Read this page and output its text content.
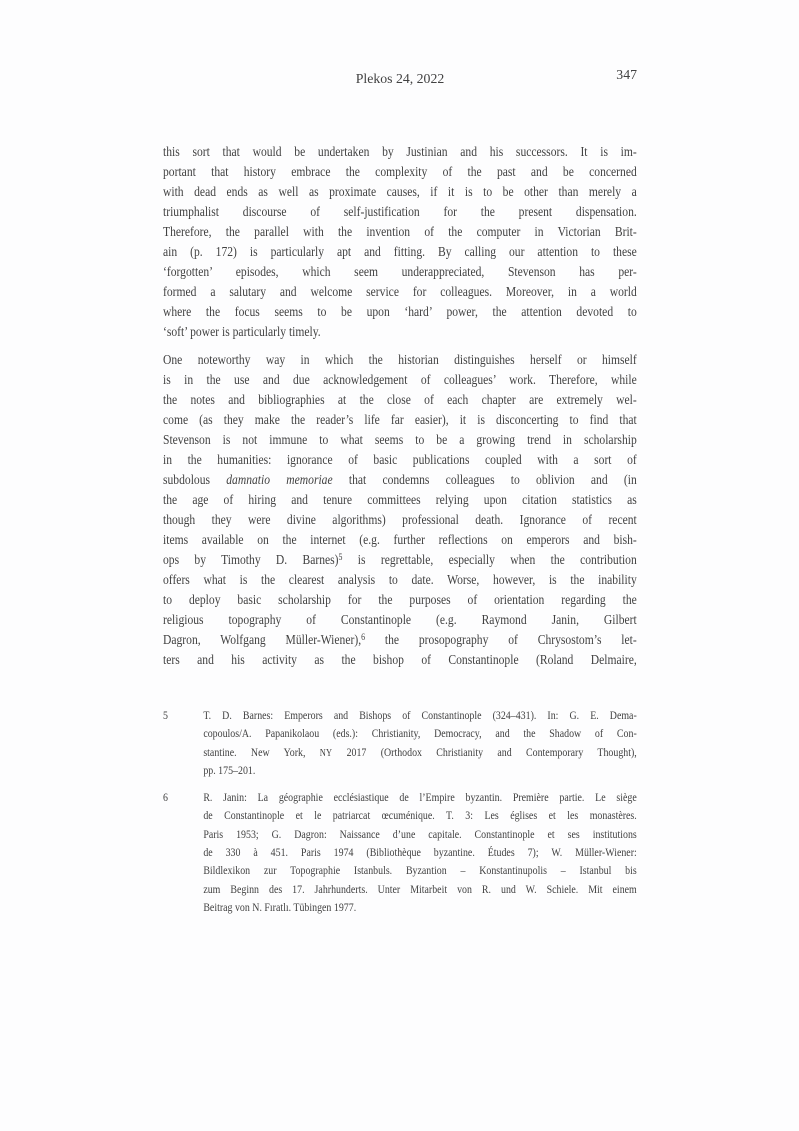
Plekos 24, 2022	347
this sort that would be undertaken by Justinian and his successors. It is im-
portant that history embrace the complexity of the past and be concerned
with dead ends as well as proximate causes, if it is to be other than merely a
triumphalist discourse of self-justification for the present dispensation.
Therefore, the parallel with the invention of the computer in Victorian Brit-
ain (p. 172) is particularly apt and fitting. By calling our attention to these
‘forgotten’ episodes, which seem underappreciated, Stevenson has per-
formed a salutary and welcome service for colleagues. Moreover, in a world
where the focus seems to be upon ‘hard’ power, the attention devoted to
‘soft’ power is particularly timely.
One noteworthy way in which the historian distinguishes herself or himself
is in the use and due acknowledgement of colleagues’ work. Therefore, while
the notes and bibliographies at the close of each chapter are extremely wel-
come (as they make the reader’s life far easier), it is disconcerting to find that
Stevenson is not immune to what seems to be a growing trend in scholarship
in the humanities: ignorance of basic publications coupled with a sort of
subdolous damnatio memoriae that condemns colleagues to oblivion and (in
the age of hiring and tenure committees relying upon citation statistics as
though they were divine algorithms) professional death. Ignorance of recent
items available on the internet (e.g. further reflections on emperors and bish-
ops by Timothy D. Barnes)$^5$ is regrettable, especially when the contribution
offers what is the clearest analysis to date. Worse, however, is the inability
to deploy basic scholarship for the purposes of orientation regarding the
religious topography of Constantinople (e.g. Raymond Janin, Gilbert
Dagron, Wolfgang Müller-Wiener),$^6$ the prosopography of Chrysostom’s let-
ters and his activity as the bishop of Constantinople (Roland Delmaire,
5	T. D. Barnes: Emperors and Bishops of Constantinople (324–431). In: G. E. Dema-
copoulos/A. Papanikolaou (eds.): Christianity, Democracy, and the Shadow of Con-
stantine. New York, NY 2017 (Orthodox Christianity and Contemporary Thought),
pp. 175–201.
6	R. Janin: La géographie ecclésiastique de l’Empire byzantin. Première partie. Le siège
de Constantinople et le patriarcat œcuménique. T. 3: Les églises et les monastères.
Paris 1953; G. Dagron: Naissance d’une capitale. Constantinople et ses institutions
de 330 à 451. Paris 1974 (Bibliothèque byzantine. Études 7); W. Müller-Wiener:
Bildlexikon zur Topographie Istanbuls. Byzantion – Konstantinupolis – Istanbul bis
zum Beginn des 17. Jahrhunderts. Unter Mitarbeit von R. und W. Schiele. Mit einem
Beitrag von N. Fıratlı. Tübingen 1977.
